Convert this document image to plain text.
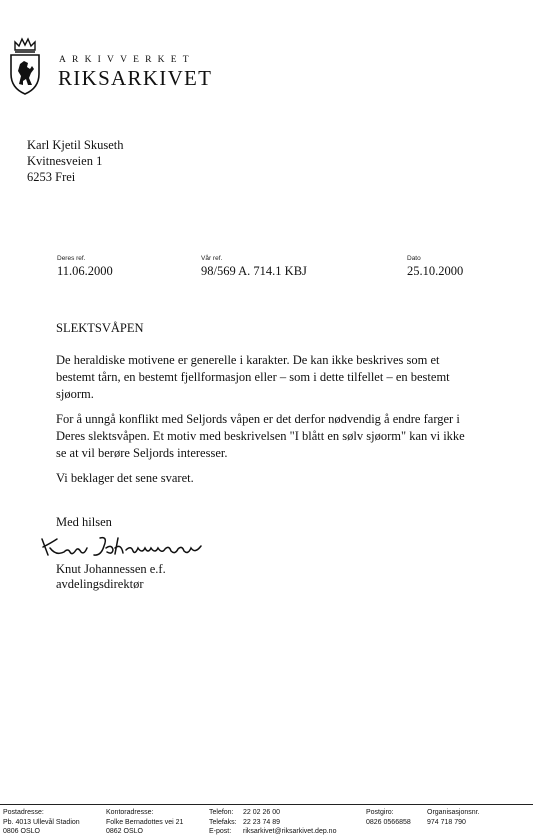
ARKIVVERKET
RIKSARKIVET
Karl Kjetil Skuseth
Kvitnesveien 1
6253 Frei
Deres ref.
11.06.2000
Vår ref.
98/569 A. 714.1 KBJ
Dato
25.10.2000
SLEKTSVÅPEN
De heraldiske motivene er generelle i karakter. De kan ikke beskrives som et bestemt tårn, en bestemt fjellformasjon eller – som i dette tilfellet – en bestemt sjøorm.
For å unngå konflikt med Seljords våpen er det derfor nødvendig å endre farger i Deres slektsvåpen. Et motiv med beskrivelsen "I blått en sølv sjøorm" kan vi ikke se at vil berøre Seljords interesser.
Vi beklager det sene svaret.
Med hilsen
Knut Johannessen e.f.
avdelingsdirektør
Postadresse:
Pb. 4013 Ullevål Stadion
0806 OSLO
Kontoradresse:
Folke Bernadottes vei 21
0862 OSLO
Telefon: 22 02 26 00
Telefaks: 22 23 74 89
E-post: riksarkivet@riksarkivet.dep.no
Postgiro:
0826 0566858
Organisasjonsnr.
974 718 790
